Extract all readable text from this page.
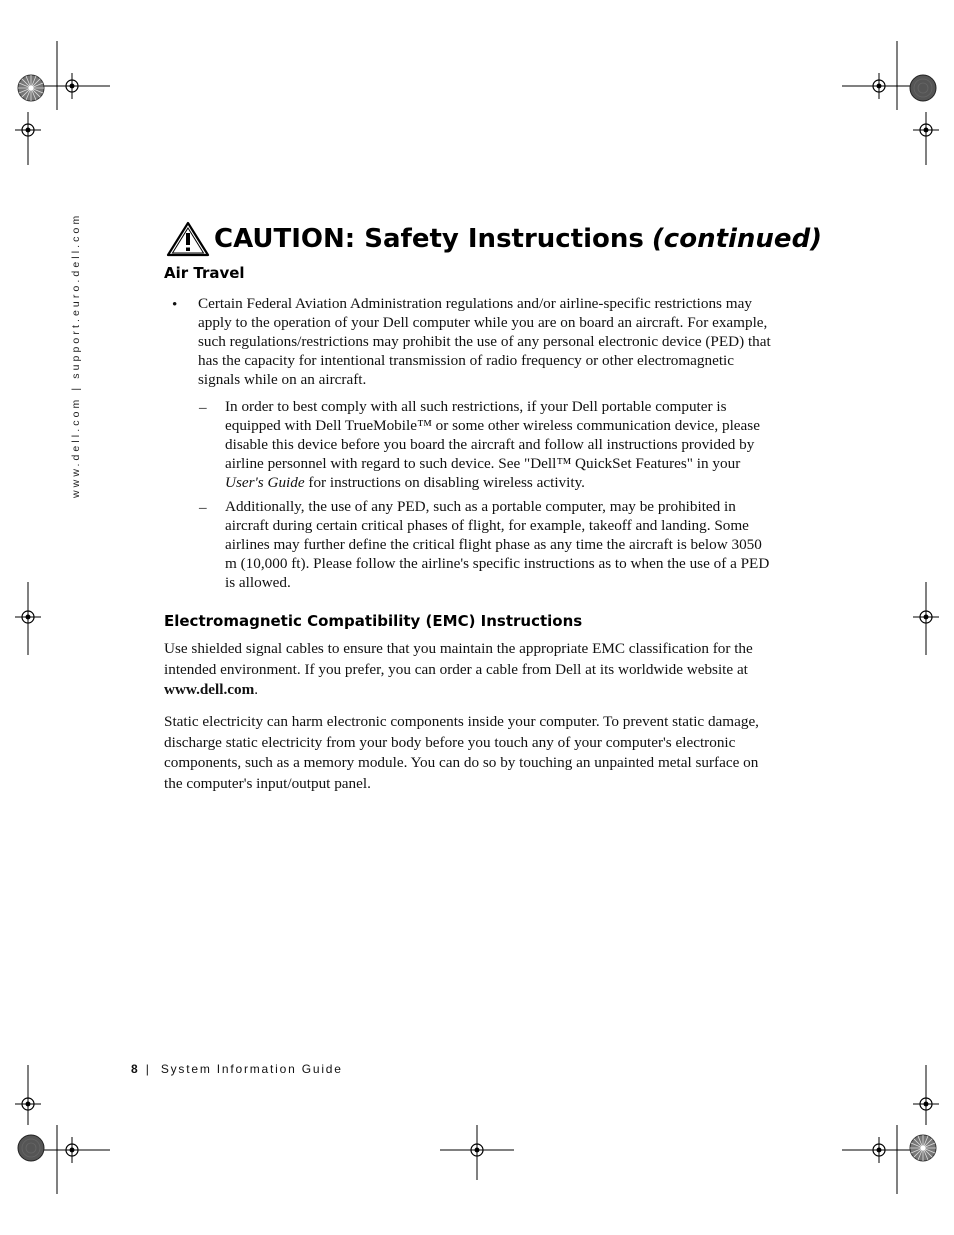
www.dell.com | support.euro.dell.com	CAUTION: Safety Instructions (continued)
Air Travel
• Certain Federal Aviation Administration regulations and/or airline-specific restrictions may apply to the operation of your Dell computer while you are on board an aircraft. For example, such regulations/restrictions may prohibit the use of any personal electronic device (PED) that has the capacity for intentional transmission of radio frequency or other electromagnetic signals while on an aircraft.
– In order to best comply with all such restrictions, if your Dell portable computer is equipped with Dell TrueMobile™ or some other wireless communication device, please disable this device before you board the aircraft and follow all instructions provided by airline personnel with regard to such device. See "Dell™ QuickSet Features" in your User's Guide for instructions on disabling wireless activity.
– Additionally, the use of any PED, such as a portable computer, may be prohibited in aircraft during certain critical phases of flight, for example, takeoff and landing. Some airlines may further define the critical flight phase as any time the aircraft is below 3050 m (10,000 ft). Please follow the airline's specific instructions as to when the use of a PED is allowed.
Electromagnetic Compatibility (EMC) Instructions
Use shielded signal cables to ensure that you maintain the appropriate EMC classification for the intended environment. If you prefer, you can order a cable from Dell at its worldwide website at www.dell.com.
Static electricity can harm electronic components inside your computer. To prevent static damage, discharge static electricity from your body before you touch any of your computer's electronic components, such as a memory module. You can do so by touching an unpainted metal surface on the computer's input/output panel.
8 | System Information Guide
